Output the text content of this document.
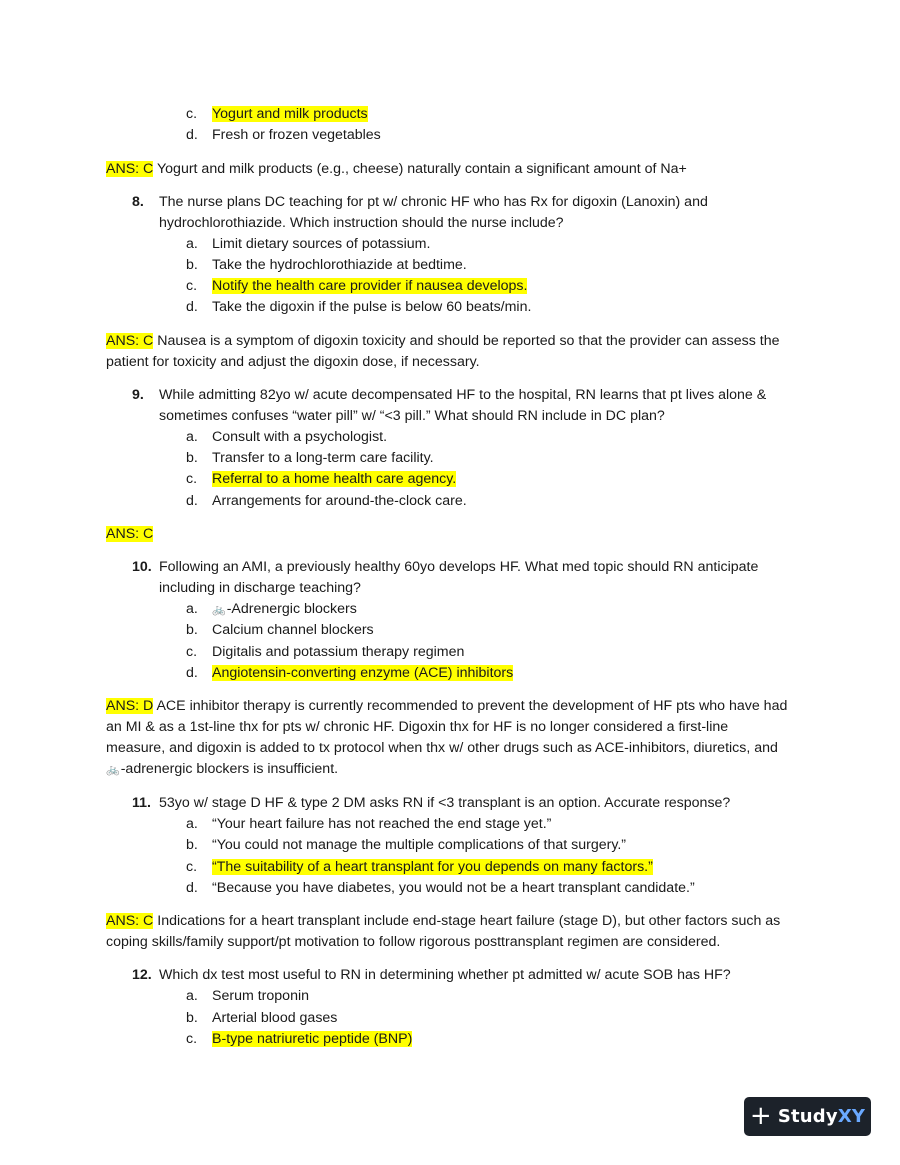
c. Yogurt and milk products
d. Fresh or frozen vegetables
ANS: C Yogurt and milk products (e.g., cheese) naturally contain a significant amount of Na+
8. The nurse plans DC teaching for pt w/ chronic HF who has Rx for digoxin (Lanoxin) and hydrochlorothiazide. Which instruction should the nurse include?
a. Limit dietary sources of potassium.
b. Take the hydrochlorothiazide at bedtime.
c. Notify the health care provider if nausea develops.
d. Take the digoxin if the pulse is below 60 beats/min.
ANS: C Nausea is a symptom of digoxin toxicity and should be reported so that the provider can assess the patient for toxicity and adjust the digoxin dose, if necessary.
9. While admitting 82yo w/ acute decompensated HF to the hospital, RN learns that pt lives alone & sometimes confuses “water pill” w/ “<3 pill.” What should RN include in DC plan?
a. Consult with a psychologist.
b. Transfer to a long-term care facility.
c. Referral to a home health care agency.
d. Arrangements for around-the-clock care.
ANS: C
10. Following an AMI, a previously healthy 60yo develops HF. What med topic should RN anticipate including in discharge teaching?
a. 🚲-Adrenergic blockers
b. Calcium channel blockers
c. Digitalis and potassium therapy regimen
d. Angiotensin-converting enzyme (ACE) inhibitors
ANS: D ACE inhibitor therapy is currently recommended to prevent the development of HF pts who have had an MI & as a 1st-line thx for pts w/ chronic HF. Digoxin thx for HF is no longer considered a first-line measure, and digoxin is added to tx protocol when thx w/ other drugs such as ACE-inhibitors, diuretics, and 🚲-adrenergic blockers is insufficient.
11. 53yo w/ stage D HF & type 2 DM asks RN if <3 transplant is an option. Accurate response?
a. “Your heart failure has not reached the end stage yet.”
b. “You could not manage the multiple complications of that surgery.”
c. “The suitability of a heart transplant for you depends on many factors.”
d. “Because you have diabetes, you would not be a heart transplant candidate.”
ANS: C Indications for a heart transplant include end-stage heart failure (stage D), but other factors such as coping skills/family support/pt motivation to follow rigorous posttransplant regimen are considered.
12. Which dx test most useful to RN in determining whether pt admitted w/ acute SOB has HF?
a. Serum troponin
b. Arterial blood gases
c. B-type natriuretic peptide (BNP)
+ Study XY
